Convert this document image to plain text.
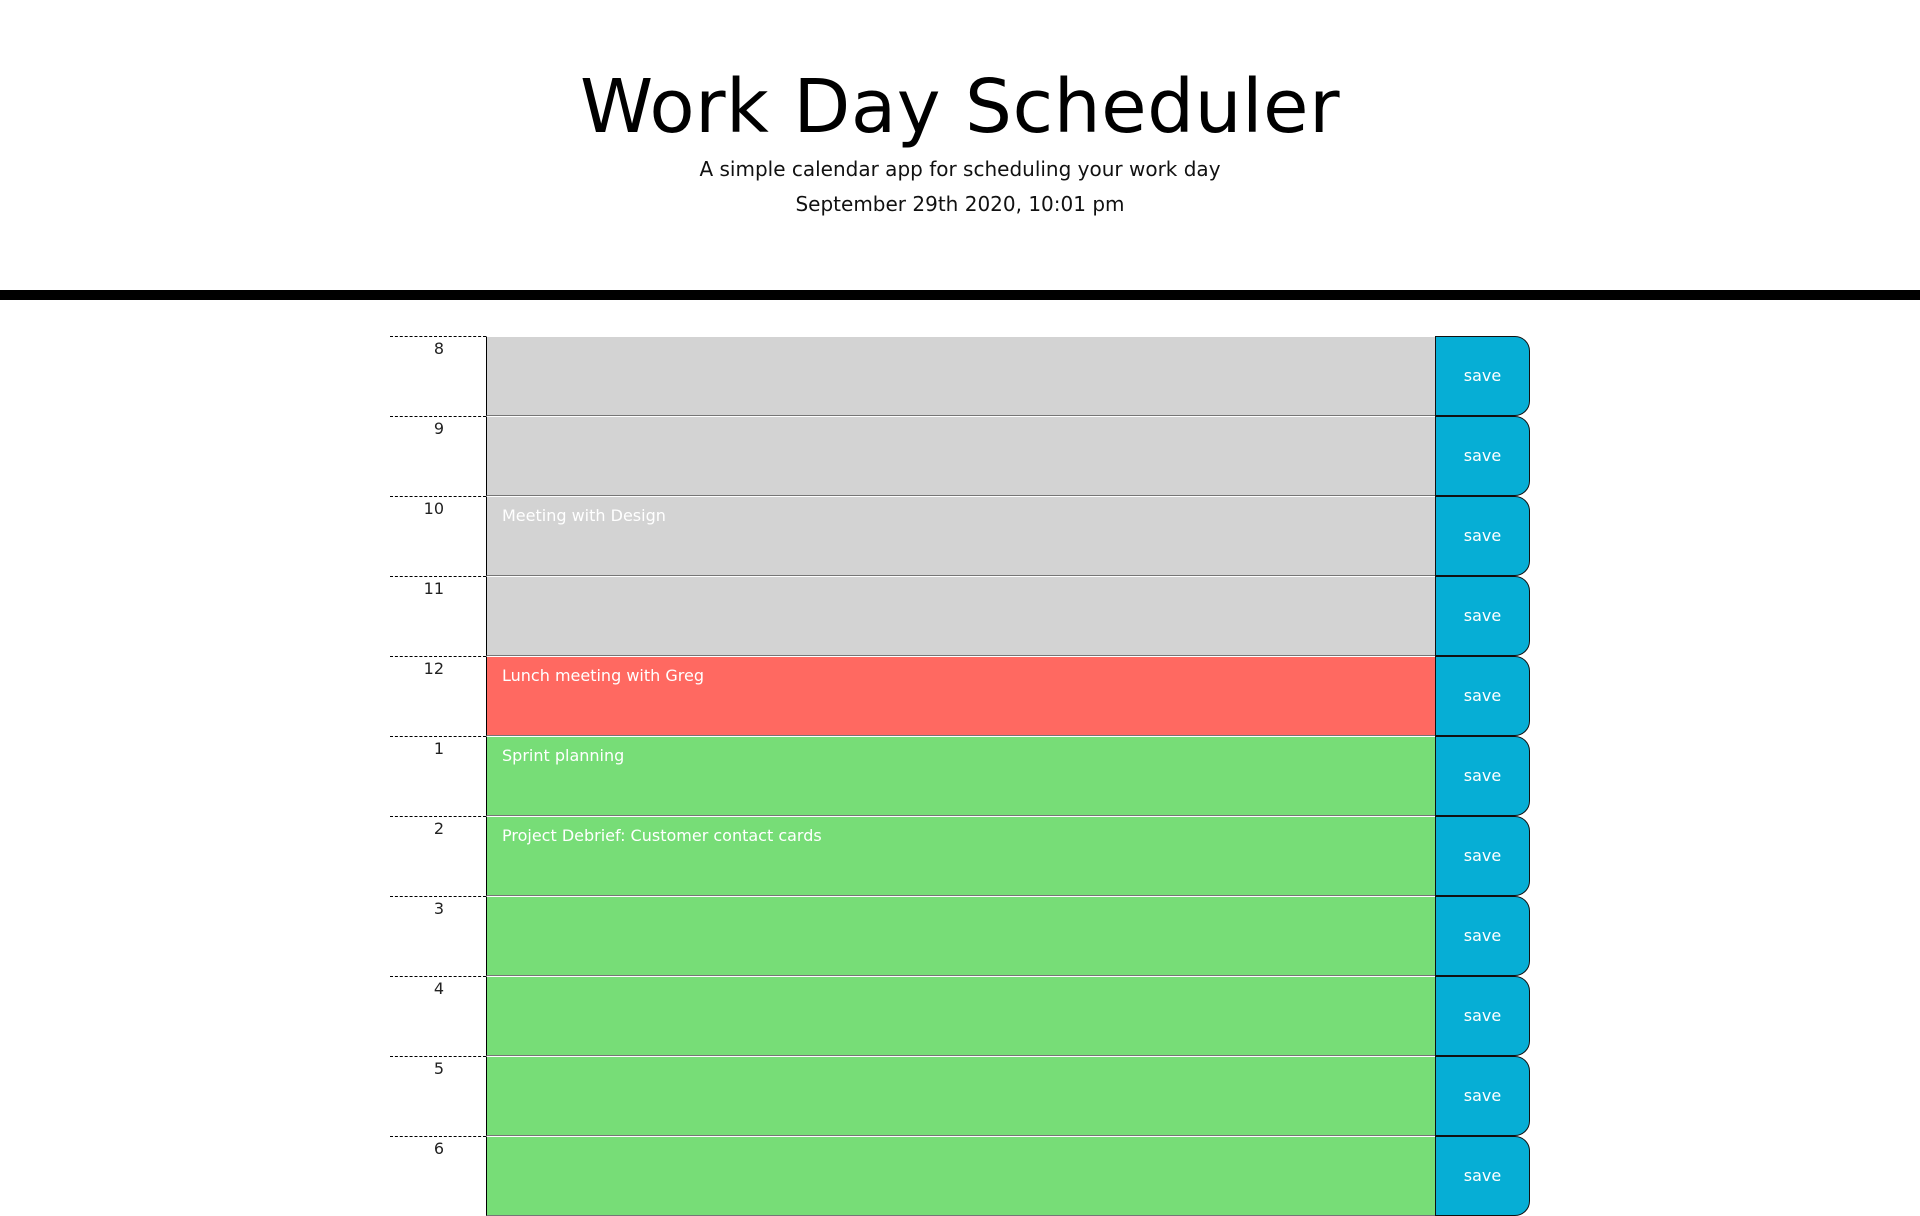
Work Day Scheduler

A simple calendar app for scheduling your work day

September 29th 2020, 10:01 pm

8
save
9
save
10
Meeting with Design
save
11
save
12
Lunch meeting with Greg
save
1
Sprint planning
save
2
Project Debrief: Customer contact cards
save
3
save
4
save
5
save
6
save
